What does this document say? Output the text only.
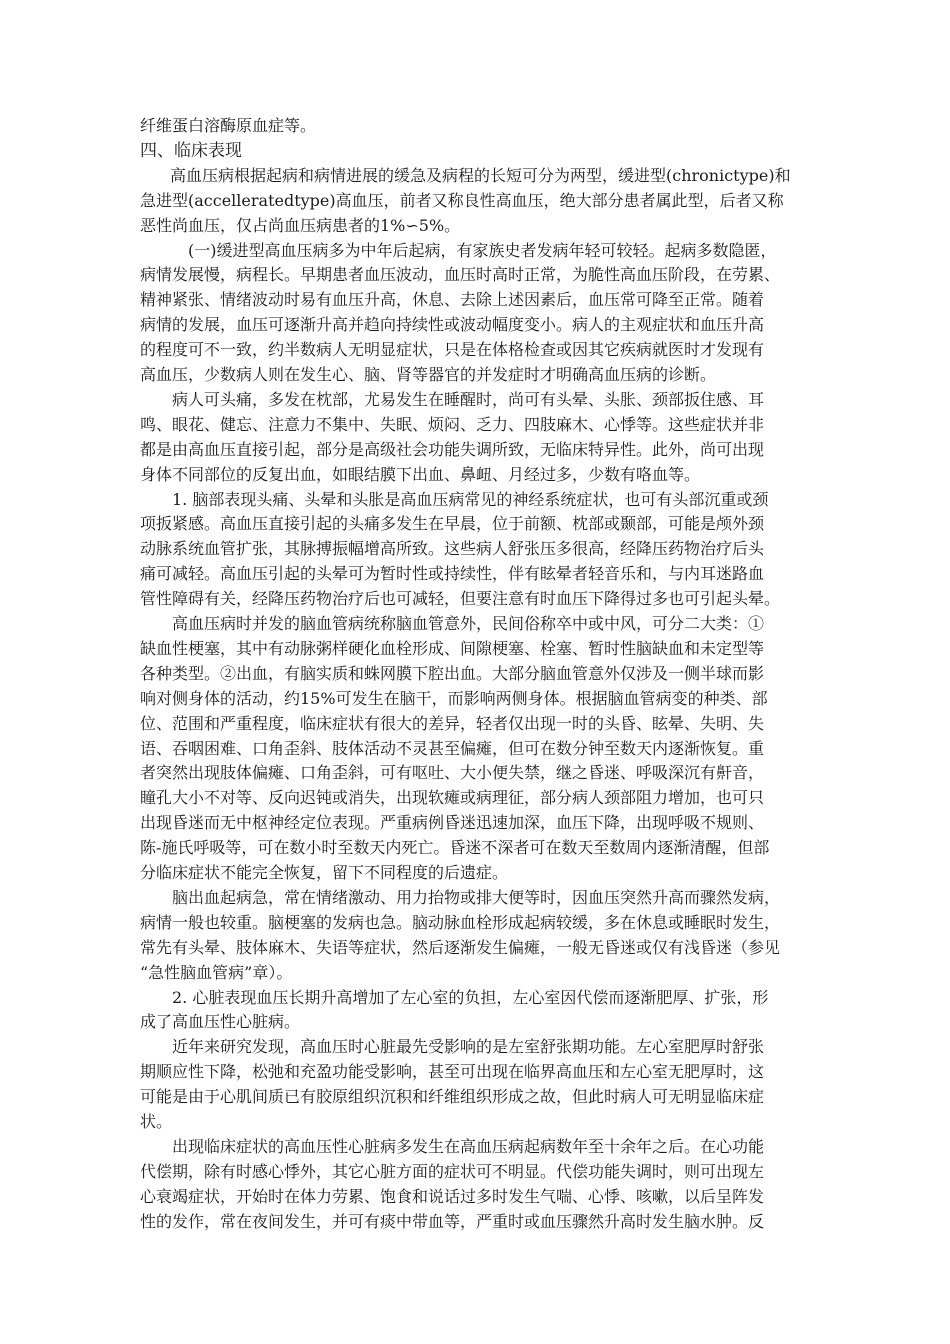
纤维蛋白溶酶原血症等。
四、临床表现
高血压病根据起病和病情进展的缓急及病程的长短可分为两型，缓进型(chronictype)和
急进型(accelleratedtype)高血压，前者又称良性高血压，绝大部分患者属此型，后者又称
恶性尚血压，仅占尚血压病患者的1%∽5%。
(一)缓进型高血压病多为中年后起病，有家族史者发病年轻可较轻。起病多数隐匿，
病情发展慢，病程长。早期患者血压波动，血压时高时正常，为脆性高血压阶段，在劳累、
精神紧张、情绪波动时易有血压升高，休息、去除上述因素后，血压常可降至正常。随着
病情的发展，血压可逐渐升高并趋向持续性或波动幅度变小。病人的主观症状和血压升高
的程度可不一致，约半数病人无明显症状，只是在体格检查或因其它疾病就医时才发现有
高血压，少数病人则在发生心、脑、肾等器官的并发症时才明确高血压病的诊断。
病人可头痛，多发在枕部，尤易发生在睡醒时，尚可有头晕、头胀、颈部扳住感、耳
鸣、眼花、健忘、注意力不集中、失眠、烦闷、乏力、四肢麻木、心悸等。这些症状并非
都是由高血压直接引起，部分是高级社会功能失调所致，无临床特异性。此外，尚可出现
身体不同部位的反复出血，如眼结膜下出血、鼻衄、月经过多，少数有咯血等。
1. 脑部表现头痛、头晕和头胀是高血压病常见的神经系统症状，也可有头部沉重或颈
项扳紧感。高血压直接引起的头痛多发生在早晨，位于前额、枕部或颞部，可能是颅外颈
动脉系统血管扩张，其脉搏振幅增高所致。这些病人舒张压多很高，经降压药物治疗后头
痛可减轻。高血压引起的头晕可为暂时性或持续性，伴有眩晕者轻音乐和，与内耳迷路血
管性障碍有关，经降压药物治疗后也可减轻，但要注意有时血压下降得过多也可引起头晕。
高血压病时并发的脑血管病统称脑血管意外，民间俗称卒中或中风，可分二大类：①
缺血性梗塞，其中有动脉粥样硬化血栓形成、间隙梗塞、栓塞、暂时性脑缺血和未定型等
各种类型。②出血，有脑实质和蛛网膜下腔出血。大部分脑血管意外仅涉及一侧半球而影
响对侧身体的活动，约15%可发生在脑干，而影响两侧身体。根据脑血管病变的种类、部
位、范围和严重程度，临床症状有很大的差异，轻者仅出现一时的头昏、眩晕、失明、失
语、吞咽困难、口角歪斜、肢体活动不灵甚至偏瘫，但可在数分钟至数天内逐渐恢复。重
者突然出现肢体偏瘫、口角歪斜，可有呕吐、大小便失禁，继之昏迷、呼吸深沉有鼾音，
瞳孔大小不对等、反向迟钝或消失，出现软瘫或病理征，部分病人颈部阻力增加，也可只
出现昏迷而无中枢神经定位表现。严重病例昏迷迅速加深，血压下降，出现呼吸不规则、
陈-施氏呼吸等，可在数小时至数天内死亡。昏迷不深者可在数天至数周内逐渐清醒，但部
分临床症状不能完全恢复，留下不同程度的后遗症。
脑出血起病急，常在情绪激动、用力抬物或排大便等时，因血压突然升高而骤然发病，
病情一般也较重。脑梗塞的发病也急。脑动脉血栓形成起病较缓，多在休息或睡眠时发生，
常先有头晕、肢体麻木、失语等症状，然后逐渐发生偏瘫，一般无昏迷或仅有浅昏迷（参见
“急性脑血管病”章）。
2. 心脏表现血压长期升高增加了左心室的负担，左心室因代偿而逐渐肥厚、扩张，形
成了高血压性心脏病。
近年来研究发现，高血压时心脏最先受影响的是左室舒张期功能。左心室肥厚时舒张
期顺应性下降，松弛和充盈功能受影响，甚至可出现在临界高血压和左心室无肥厚时，这
可能是由于心肌间质已有胶原组织沉积和纤维组织形成之故，但此时病人可无明显临床症
状。
出现临床症状的高血压性心脏病多发生在高血压病起病数年至十余年之后。在心功能
代偿期，除有时感心悸外，其它心脏方面的症状可不明显。代偿功能失调时，则可出现左
心衰竭症状，开始时在体力劳累、饱食和说话过多时发生气喘、心悸、咳嗽，以后呈阵发
性的发作，常在夜间发生，并可有痰中带血等，严重时或血压骤然升高时发生脑水肿。反
